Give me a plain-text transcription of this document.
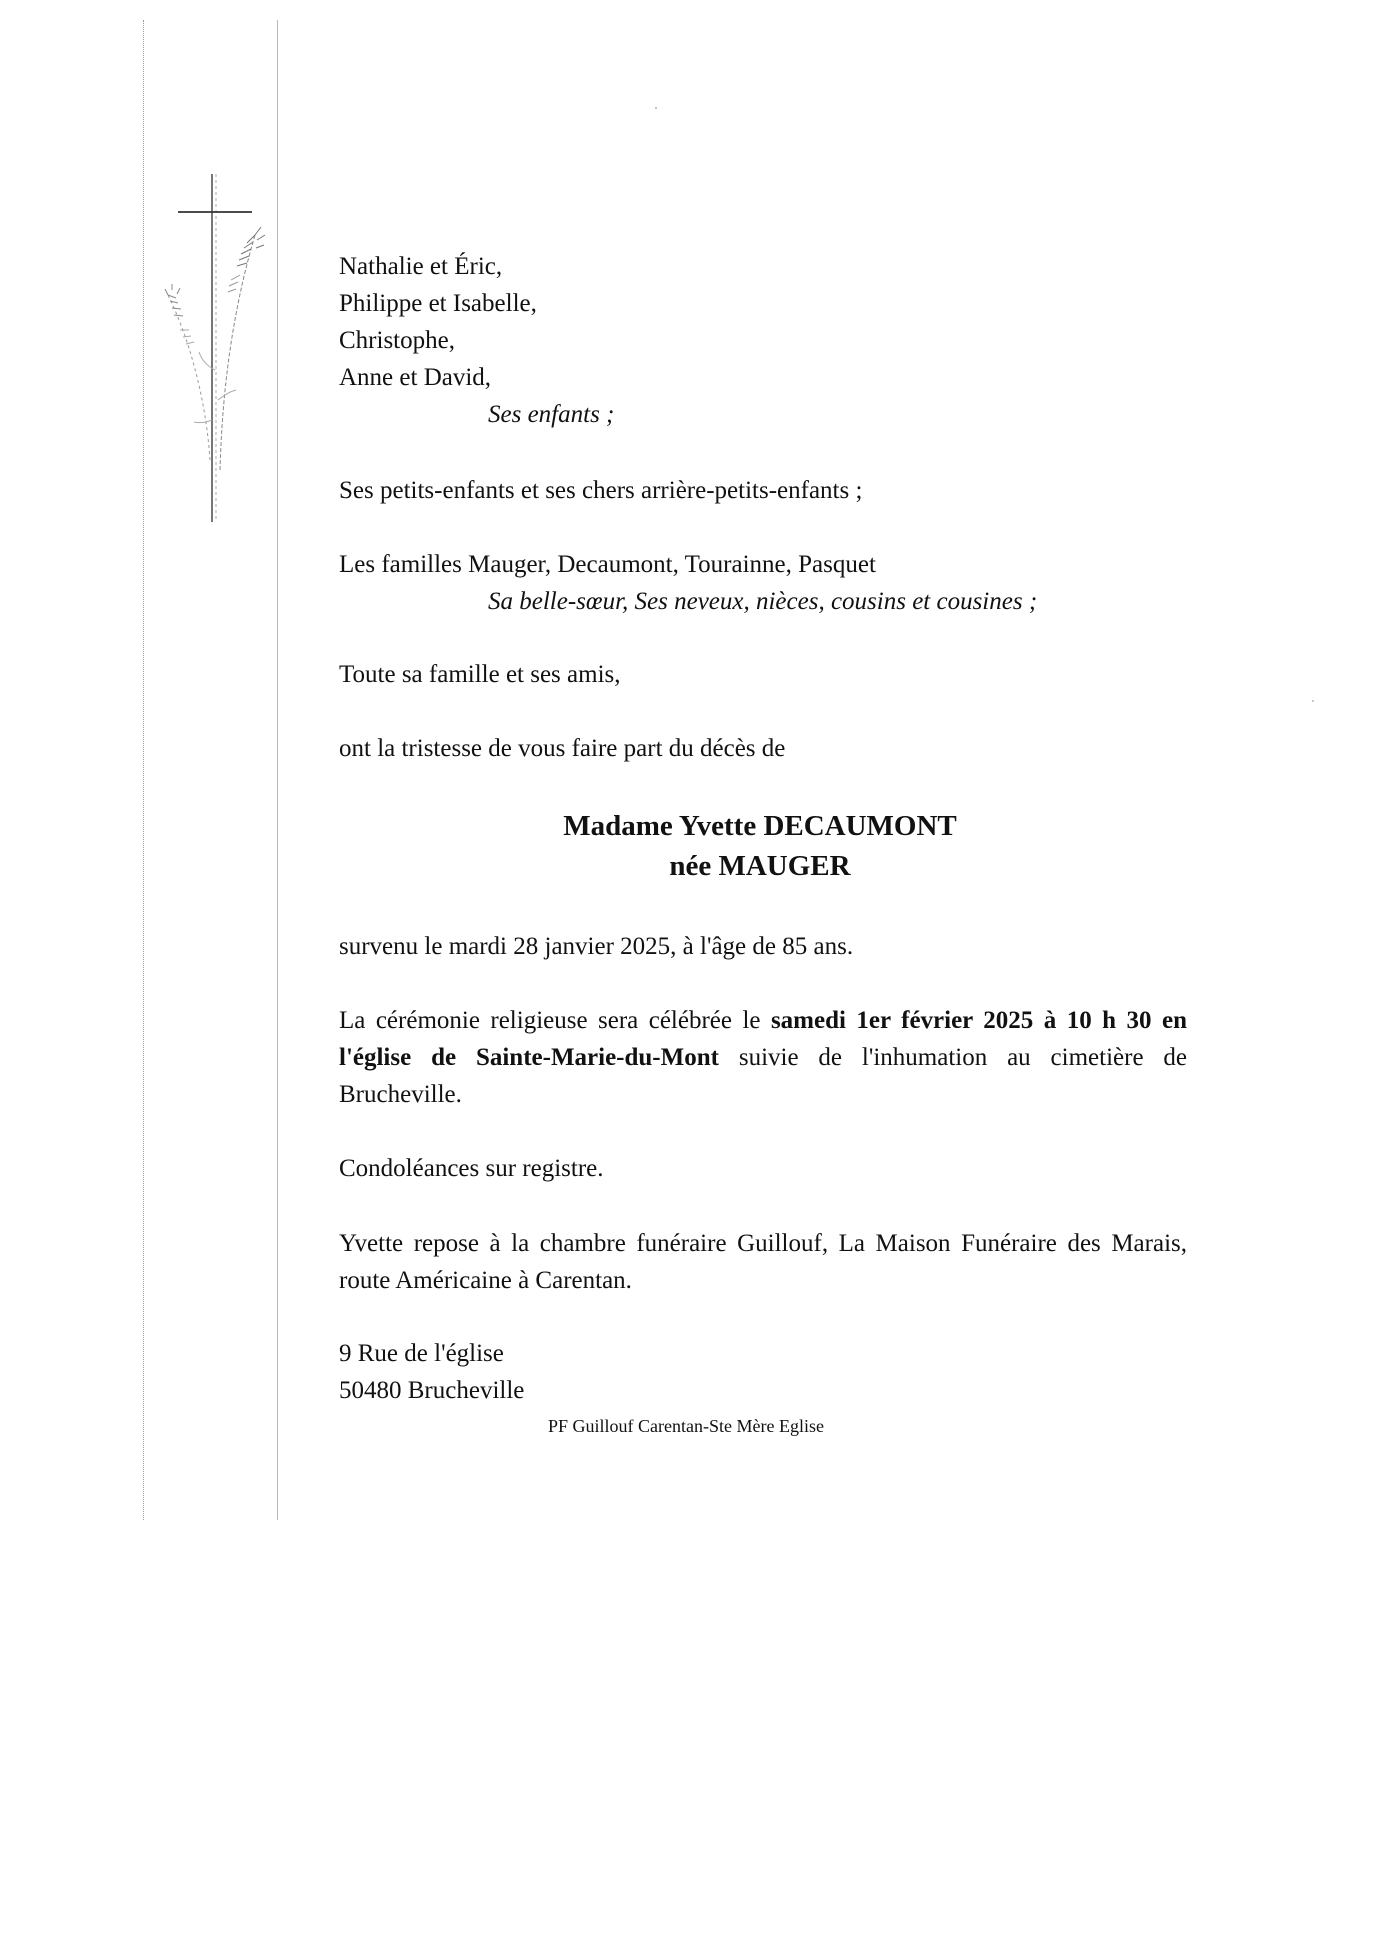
Nathalie et Éric,
Philippe et Isabelle,
Christophe,
Anne et David,
Ses enfants ;
Ses petits-enfants et ses chers arrière-petits-enfants ;
Les familles Mauger, Decaumont, Tourainne, Pasquet
Sa belle-sœur, Ses neveux, nièces, cousins et cousines ;
Toute sa famille et ses amis,
ont la tristesse de vous faire part du décès de
Madame Yvette DECAUMONT
née MAUGER
survenu le mardi 28 janvier 2025, à l'âge de 85 ans.
La cérémonie religieuse sera célébrée le samedi 1er février 2025 à 10 h 30 en l'église de Sainte-Marie-du-Mont suivie de l'inhumation au cimetière de Brucheville.
Condoléances sur registre.
Yvette repose à la chambre funéraire Guillouf, La Maison Funéraire des Marais, route Américaine à Carentan.
9 Rue de l'église
50480 Brucheville
PF Guillouf Carentan-Ste Mère Eglise
